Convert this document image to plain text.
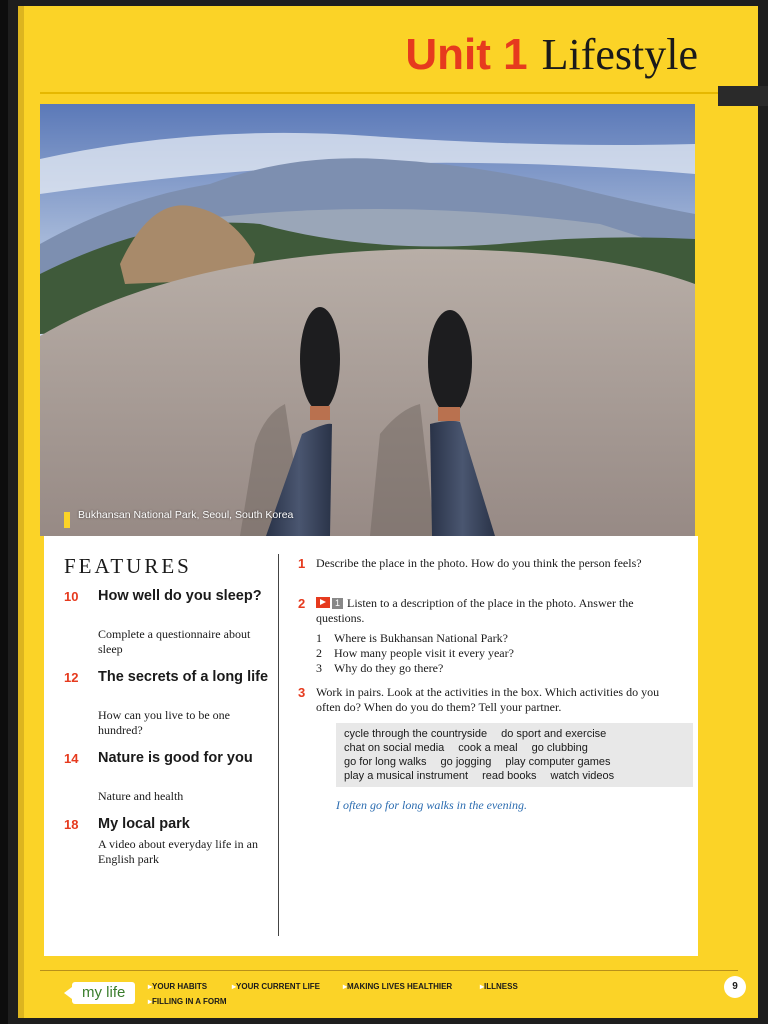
Unit 1 Lifestyle
Bukhansan National Park, Seoul, South Korea
FEATURES
10 How well do you sleep?
Complete a questionnaire about sleep
12 The secrets of a long life
How can you live to be one hundred?
14 Nature is good for you
Nature and health
18 My local park
A video about everyday life in an English park
1 Describe the place in the photo. How do you think the person feels?
2	1 Listen to a description of the place in the photo. Answer the questions.
1 Where is Bukhansan National Park?
2 How many people visit it every year?
3 Why do they go there?
3 Work in pairs. Look at the activities in the box. Which activities do you often do? When do you do them? Tell your partner.
cycle through the countryside do sport and exercise
chat on social media cook a meal go clubbing
go for long walks go jogging play computer games
play a musical instrument read books watch videos
I often go for long walks in the evening.
my life	▸ YOUR HABITS	▸ YOUR CURRENT LIFE	▸ MAKING LIVES HEALTHIER	▸ ILLNESS
▸ FILLING IN A FORM
9
